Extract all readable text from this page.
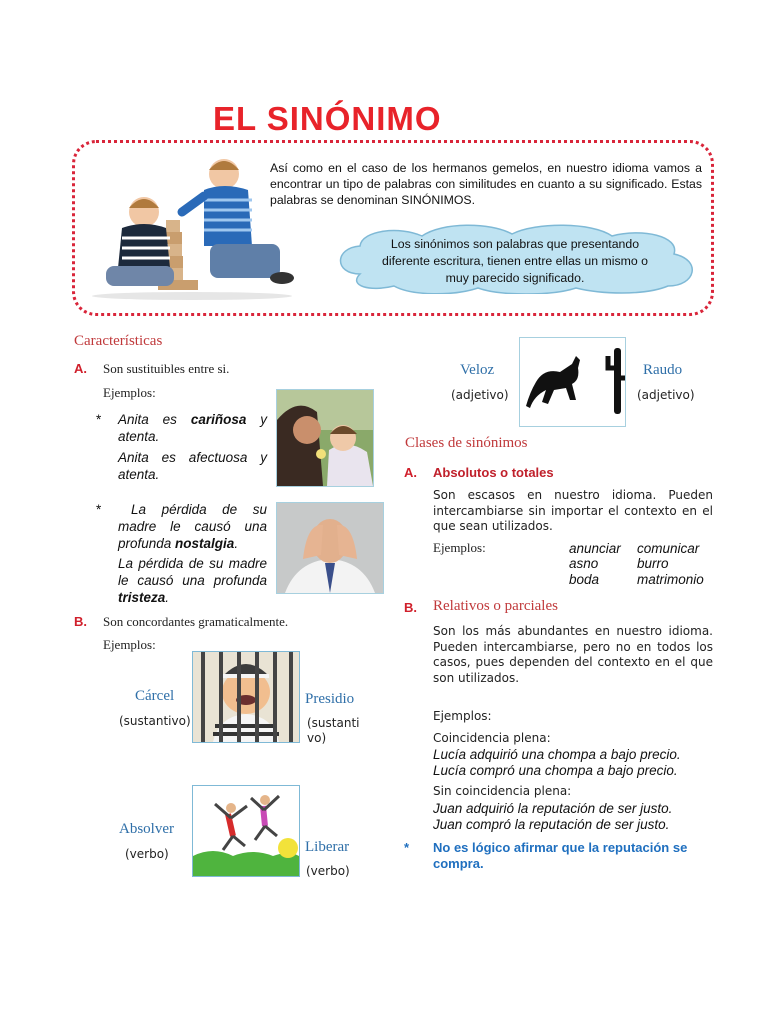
EL SINÓNIMO
Así como en el caso de los hermanos gemelos, en nuestro idioma vamos a encontrar un tipo de palabras con similitudes en cuanto a su significado. Estas palabras se denominan SINÓNIMOS.
Los sinónimos son palabras que presentando diferente escritura, tienen entre ellas un mismo o muy parecido significado.
Características
A. Son sustituibles entre si.
Ejemplos:
* Anita es cariñosa y atenta.
Anita es afectuosa y atenta.
*	La pérdida de su madre le causó una profunda nostalgia.
La pérdida de su madre le causó una profunda tristeza.
B. Son concordantes gramaticalmente.
Ejemplos:
Cárcel
(sustantivo)
Presidio
(sustantivo)
Absolver
(verbo)	Liberar
(verbo)
Veloz
(adjetivo)
Raudo
(adjetivo)
Clases de sinónimos
A. Absolutos o totales
Son escasos en nuestro idioma. Pueden intercambiarse sin importar el contexto en el que sean utilizados.
Ejemplos:	anunciar comunicar
asno	burro
boda	matrimonio
B. Relativos o parciales
Son los más abundantes en nuestro idioma. Pueden intercambiarse, pero no en todos los casos, pues dependen del contexto en el que son utilizados.
Ejemplos:
Coincidencia plena:
Lucía adquirió una chompa a bajo precio.
Lucía compró una chompa a bajo precio.
Sin coincidencia plena:
Juan adquirió la reputación de ser justo.
Juan compró la reputación de ser justo.
* No es lógico afirmar que la reputación se compra.
